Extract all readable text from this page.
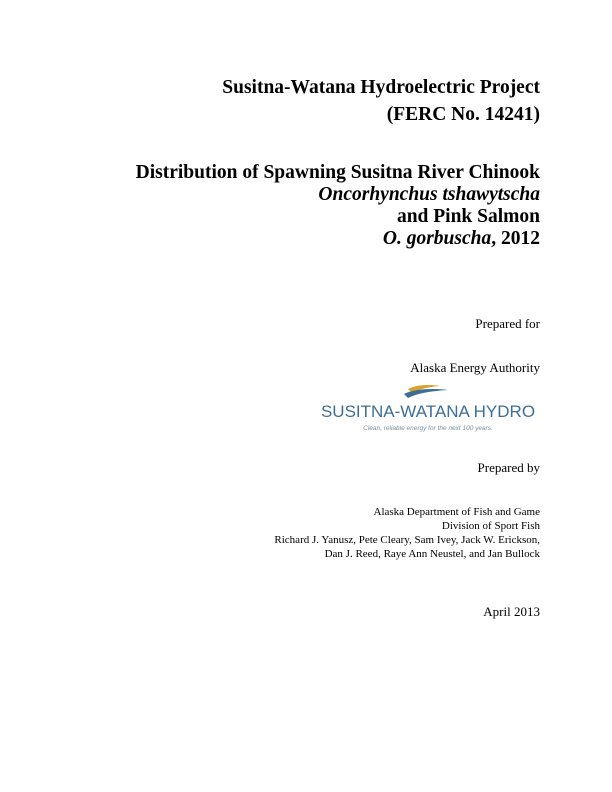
Susitna-Watana Hydroelectric Project
(FERC No. 14241)
Distribution of Spawning Susitna River Chinook
Oncorhynchus tshawytscha
and Pink Salmon
O. gorbuscha, 2012
Prepared for
Alaska Energy Authority
SUSITNA-WATANA HYDRO
Clean, reliable energy for the next 100 years.
Prepared by
Alaska Department of Fish and Game
Division of Sport Fish
Richard J. Yanusz, Pete Cleary, Sam Ivey, Jack W. Erickson,
Dan J. Reed, Raye Ann Neustel, and Jan Bullock
April 2013
